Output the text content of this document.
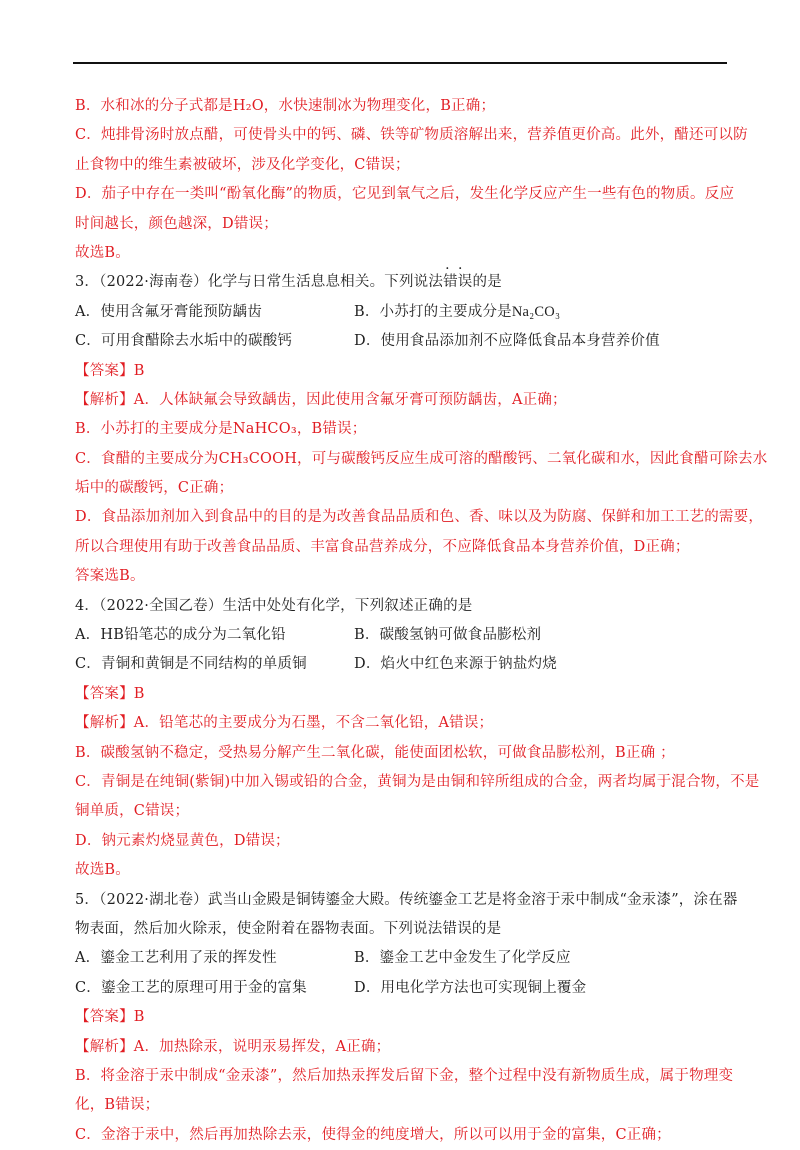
B．水和冰的分子式都是H₂O，水快速制冰为物理变化，B正确；
C．炖排骨汤时放点醋，可使骨头中的钙、磷、铁等矿物质溶解出来，营养值更价高。此外，醋还可以防
止食物中的维生素被破坏，涉及化学变化，C错误；
D．茄子中存在一类叫“酚氧化酶”的物质，它见到氧气之后，发生化学反应产生一些有色的物质。反应
时间越长，颜色越深，D错误；
故选B。
3．（2022·海南卷）化学与日常生活息息相关。下列说法错误 · ·的是
A．使用含氟牙膏能预防龋齿	B．小苏打的主要成分是Na₂CO₃
C．可用食醋除去水垢中的碳酸钙	D．使用食品添加剂不应降低食品本身营养价值
【答案】B
【解析】A．人体缺氟会导致龋齿，因此使用含氟牙膏可预防龋齿，A正确；
B．小苏打的主要成分是NaHCO₃，B错误；
C．食醋的主要成分为CH₃COOH，可与碳酸钙反应生成可溶的醋酸钙、二氧化碳和水，因此食醋可除去水
垢中的碳酸钙，C正确；
D．食品添加剂加入到食品中的目的是为改善食品品质和色、香、味以及为防腐、保鲜和加工工艺的需要，
所以合理使用有助于改善食品品质、丰富食品营养成分，不应降低食品本身营养价值，D正确；
答案选B。
4．（2022·全国乙卷）生活中处处有化学，下列叙述正确的是
A．HB铅笔芯的成分为二氧化铅	B．碳酸氢钠可做食品膨松剂
C．青铜和黄铜是不同结构的单质铜	D．焰火中红色来源于钠盐灼烧
【答案】B
【解析】A．铅笔芯的主要成分为石墨，不含二氧化铅，A错误；
B．碳酸氢钠不稳定，受热易分解产生二氧化碳，能使面团松软，可做食品膨松剂，B正确 ；
C．青铜是在纯铜(紫铜)中加入锡或铅的合金，黄铜为是由铜和锌所组成的合金，两者均属于混合物，不是
铜单质，C错误；
D．钠元素灼烧显黄色，D错误；
故选B。
5．（2022·湖北卷）武当山金殿是铜铸鎏金大殿。传统鎏金工艺是将金溶于汞中制成“金汞漆”，涂在器
物表面，然后加火除汞，使金附着在器物表面。下列说法错误的是
A．鎏金工艺利用了汞的挥发性	B．鎏金工艺中金发生了化学反应
C．鎏金工艺的原理可用于金的富集	D．用电化学方法也可实现铜上覆金
【答案】B
【解析】A．加热除汞，说明汞易挥发，A正确；
B．将金溶于汞中制成“金汞漆”，然后加热汞挥发后留下金，整个过程中没有新物质生成，属于物理变
化，B错误；
C．金溶于汞中，然后再加热除去汞，使得金的纯度增大，所以可以用于金的富集，C正确；
